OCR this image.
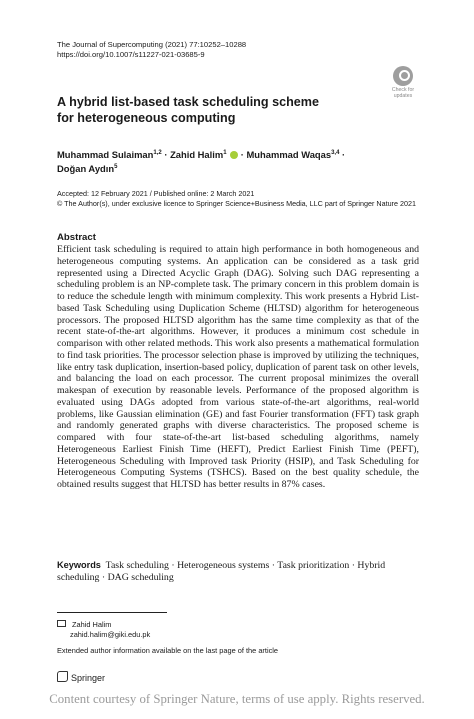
The Journal of Supercomputing (2021) 77:10252–10288
https://doi.org/10.1007/s11227-021-03685-9
Check for
updates
A hybrid list-based task scheduling scheme
for heterogeneous computing
Muhammad Sulaiman$^{1,2}$ · Zahid Halim$^1$  · Muhammad Waqas$^{3,4}$ ·
Doğan Aydın$^5$
Accepted: 12 February 2021 / Published online: 2 March 2021
© The Author(s), under exclusive licence to Springer Science+Business Media, LLC part of Springer Nature 2021
Abstract
Efficient task scheduling is required to attain high performance in both homogeneous and heterogeneous computing systems. An application can be considered as a task grid represented using a Directed Acyclic Graph (DAG). Solving such DAG representing a scheduling problem is an NP-complete task. The primary concern in this problem domain is to reduce the schedule length with minimum complexity. This work presents a Hybrid List-based Task Scheduling using Duplication Scheme (HLTSD) algorithm for heterogeneous processors. The proposed HLTSD algorithm has the same time complexity as that of the recent state-of-the-art algorithms. However, it produces a minimum cost schedule in comparison with other related methods. This work also presents a mathematical formulation to find task priorities. The processor selection phase is improved by utilizing the techniques, like entry task duplication, insertion-based policy, duplication of parent task on other levels, and balancing the load on each processor. The current proposal minimizes the overall makespan of execution by reasonable levels. Performance of the proposed algorithm is evaluated using DAGs adopted from various state-of-the-art algorithms, real-world problems, like Gaussian elimination (GE) and fast Fourier transformation (FFT) task graph and randomly generated graphs with diverse characteristics. The proposed scheme is compared with four state-of-the-art list-based scheduling algorithms, namely Heterogeneous Earliest Finish Time (HEFT), Predict Earliest Finish Time (PEFT), Heterogeneous Scheduling with Improved task Priority (HSIP), and Task Scheduling for Heterogeneous Computing Systems (TSHCS). Based on the best quality schedule, the obtained results suggest that HLTSD has better results in 87% cases.
Keywords Task scheduling · Heterogeneous systems · Task prioritization · Hybrid scheduling · DAG scheduling
Zahid Halim
zahid.halim@giki.edu.pk
Extended author information available on the last page of the article
Springer
Content courtesy of Springer Nature, terms of use apply. Rights reserved.
